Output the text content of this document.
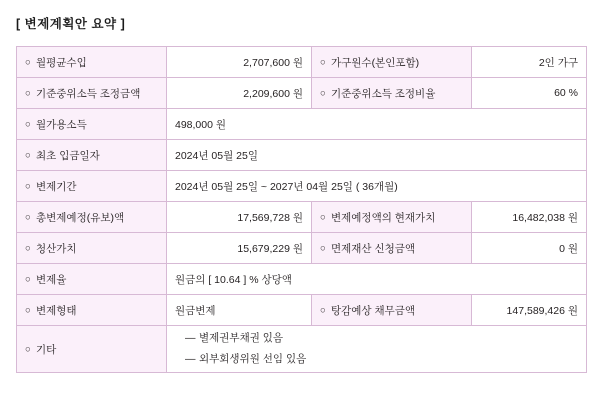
[ 변제계획안 요약 ]
○ 월평균수입	2,707,600 원	○ 가구원수(본인포함)	2인 가구
○ 기준중위소득 조정금액	2,209,600 원	○ 기준중위소득 조정비율	60 %
○ 월가용소득	498,000 원		
○ 최초 입금일자	2024년 05월 25일		
○ 변제기간	2024년 05월 25일 ~ 2027년 04월 25일 ( 36개월)		
○ 총변제예정(유보)액	17,569,728 원	○ 변제예정액의 현재가치	16,482,038 원
○ 청산가치	15,679,229 원	○ 면제재산 신청금액	0 원
○ 변제율	원금의 [ 10.64 ] % 상당액		
○ 변제형태	원금변제	○ 탕감예상 채무금액	147,589,426 원
○ 기타	— 별제권부채권 있음
— 외부회생위원 선임 있음		
